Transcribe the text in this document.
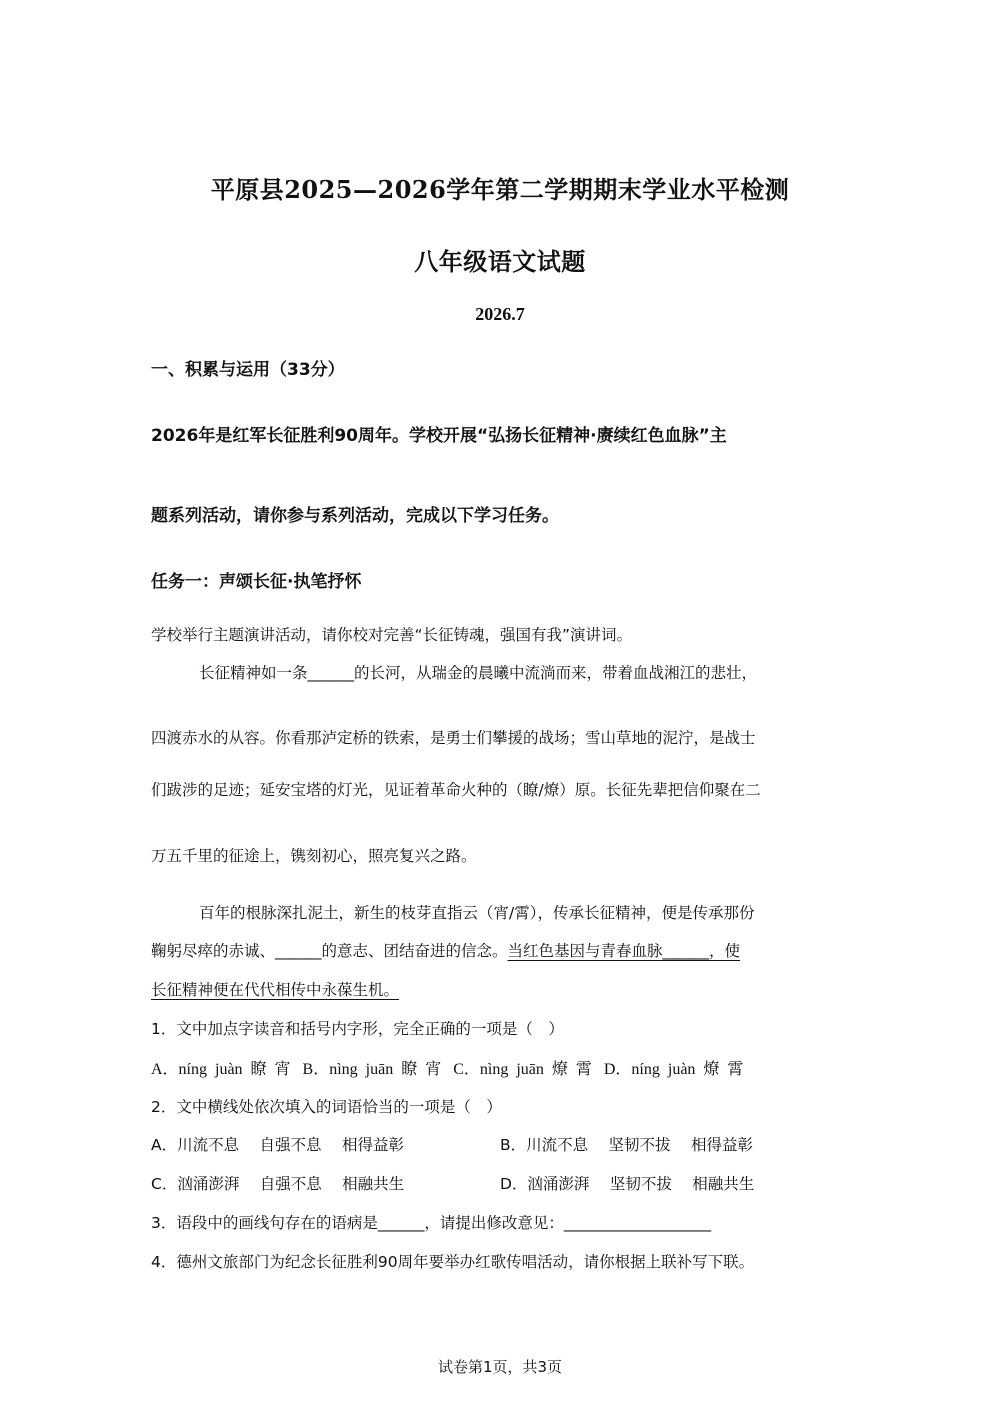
平原县2025—2026学年第二学期期末学业水平检测
八年级语文试题
2026.7
一、积累与运用（33分）
2026年是红军长征胜利90周年。学校开展“弘扬长征精神·赓续红色血脉”主
题系列活动，请你参与系列活动，完成以下学习任务。
任务一：声颂长征·执笔抒怀
学校举行主题演讲活动，请你校对完善“长征铸魂，强国有我”演讲词。
长征精神如一条______的长河，从瑞金的晨曦中流淌而来，带着血战湘江的悲壮，
四渡赤水的从容。你看那泸定桥的铁索，是勇士们攀援的战场；雪山草地的泥泞，是战士
们跋涉的足迹；延安宝塔的灯光，见证着革命火种的（瞭/燎）原。长征先辈把信仰聚在二
万五千里的征途上，镌刻初心，照亮复兴之路。
百年的根脉深扎泥土，新生的枝芽直指云（宵/霄），传承长征精神，便是传承那份
鞠躬尽瘁的赤诚、______的意志、团结奋进的信念。当红色基因与青春血脉______，使
长征精神便在代代相传中永葆生机。
1．文中加点字读音和括号内字形，完全正确的一项是（　）
A．níng  juàn  瞭  宵   B．nìng  juān  瞭  宵   C．nìng  juān  燎  霄   D．níng  juàn  燎  霄
2．文中横线处依次填入的词语恰当的一项是（　）
A．川流不息　 自强不息　 相得益彰	B．川流不息　 坚韧不拔　 相得益彰
C．汹涌澎湃　 自强不息　 相融共生	D．汹涌澎湃　 坚韧不拔　 相融共生
3．语段中的画线句存在的语病是______，请提出修改意见：___________________
4．德州文旅部门为纪念长征胜利90周年要举办红歌传唱活动，请你根据上联补写下联。
试卷第1页，共3页
